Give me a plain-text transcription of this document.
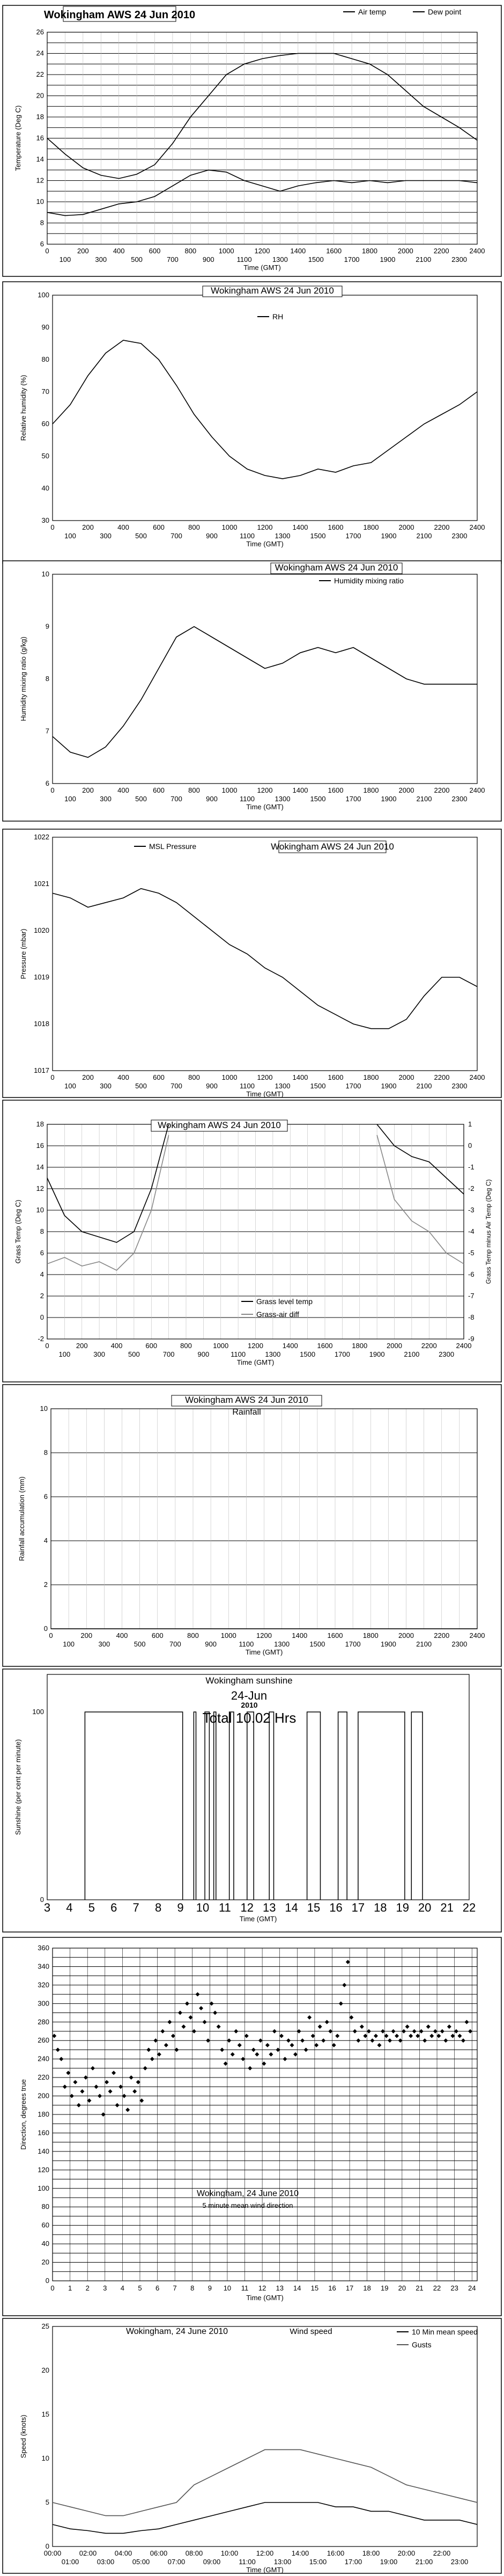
6
8
10
12
14
16
18
20
22
24
26
0	200	400	600	800	1000	1200	1400	1600	1800	2000	2200	2400
100	300	500	700	900	1100	1300	1500	1700	1900	2100	2300
Time (GMT)
Temperature (Deg C)
Wokingham AWS 24 Jun 2010	Air temp	Dew point
30
40
50
60
70
80
90
100
0	200	400	600	800	1000	1200	1400	1600	1800	2000	2200	2400
100	300	500	700	900	1100	1300	1500	1700	1900	2100	2300
Time (GMT)
Relative humidity (%)
Wokingham AWS 24 Jun 2010
RH
6
7
8
9
10
0	200	400	600	800	1000	1200	1400	1600	1800	2000	2200	2400
100	300	500	700	900	1100	1300	1500	1700	1900	2100	2300
Time (GMT)
Humidity mixing ratio (g/kg)
Wokingham AWS 24 Jun 2010
Humidity mixing ratio
1017
1018
1019
1020
1021
1022
0	200	400	600	800	1000	1200	1400	1600	1800	2000	2200	2400
100	300	500	700	900	1100	1300	1500	1700	1900	2100	2300
Time (GMT)
Pressure (mbar)
Wokingham AWS 24 Jun 2010
MSL Pressure
-2
0
2
4
6
8
10
12
14
16
18
-9
-8
-7
-6
-5
-4
-3
-2
-1
0
1
Grass Temp minus Air Temp (Deg C)
0	200	400	600	800	1000	1200	1400	1600	1800	2000	2200	2400
100	300	500	700	900	1100	1300	1500	1700	1900	2100	2300
Time (GMT)
Grass Temp (Deg C)
Wokingham AWS 24 Jun 2010
Grass level temp
Grass-air diff
0
2
4
6
8
10
0	200	400	600	800	1000	1200	1400	1600	1800	2000	2200	2400
100	300	500	700	900	1100	1300	1500	1700	1900	2100	2300
Time (GMT)
Rainfall accumulation (mm)
Wokingham AWS 24 Jun 2010
Rainfall
0
100
3 4 5 6 7 8 9 10 11 12 13 14 15 16 17 18 19 20 21 22
Time (GMT)
Sunshine (per cent per minute)
Wokingham sunshine
24-Jun
2010
Total 10.02 Hrs
0
20
40
60
80
100
120
140
160
180
200
220
240
260
280
300
320
340
360
0 1 2 3 4 5 6 7 8 9 10 11 12 13 14 15 16 17 18 19 20 21 22 23 24
Time (GMT)
Direction, degrees true
Wokingham, 24 June 2010
5 minute mean wind direction
0
5
10
15
20
25
00:00	02:00	04:00	06:00	08:00	10:00	12:00	14:00	16:00	18:00	20:00	22:00
01:00	03:00	05:00	07:00	09:00	11:00	13:00	15:00	17:00	19:00	21:00	23:00
Time (GMT)
Speed (knots)
Wokingham, 24 June 2010	Wind speed	10 Min mean speed
Gusts
